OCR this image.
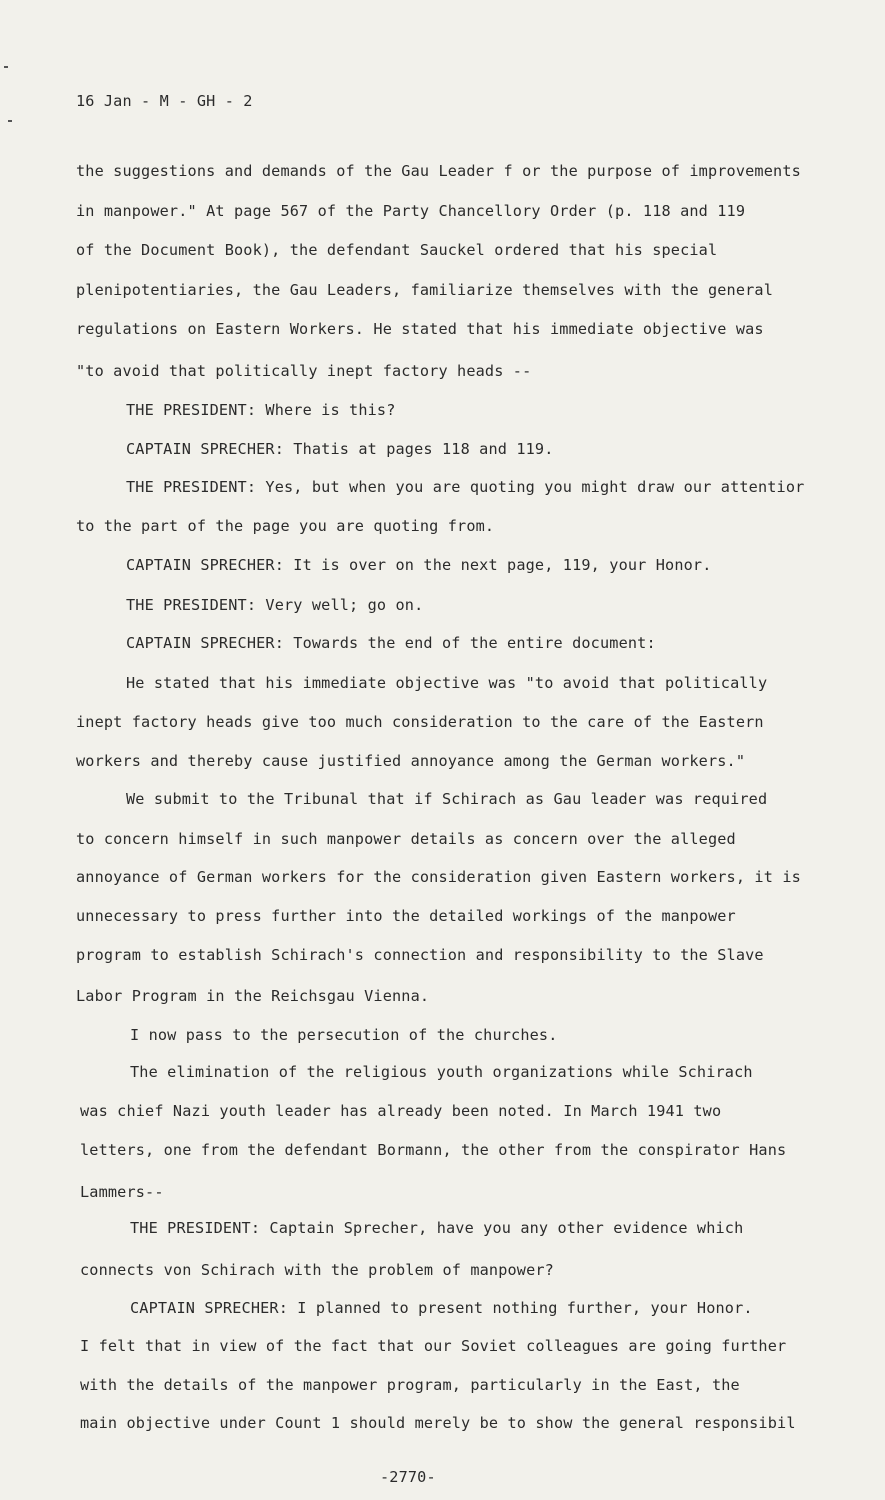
16 Jan - M - GH - 2
the suggestions and demands of the Gau Leader f or the purpose of improvements
in manpower." At page 567 of the Party Chancellory Order (p. 118 and 119
of the Document Book), the defendant Sauckel ordered that his special
plenipotentiaries, the Gau Leaders, familiarize themselves with the general
regulations on Eastern Workers. He stated that his immediate objective was
"to avoid that politically inept factory heads --
THE PRESIDENT: Where is this?
CAPTAIN SPRECHER: Thatis at pages 118 and 119.
THE PRESIDENT: Yes, but when you are quoting you might draw our attentior
to the part of the page you are quoting from.
CAPTAIN SPRECHER: It is over on the next page, 119, your Honor.
THE PRESIDENT: Very well; go on.
CAPTAIN SPRECHER: Towards the end of the entire document:
He stated that his immediate objective was "to avoid that politically
inept factory heads give too much consideration to the care of the Eastern
workers and thereby cause justified annoyance among the German workers."
We submit to the Tribunal that if Schirach as Gau leader was required
to concern himself in such manpower details as concern over the alleged
annoyance of German workers for the consideration given Eastern workers, it is
unnecessary to press further into the detailed workings of the manpower
program to establish Schirach's connection and responsibility to the Slave
Labor Program in the Reichsgau Vienna.
I now pass to the persecution of the churches.
The elimination of the religious youth organizations while Schirach
was chief Nazi youth leader has already been noted. In March 1941 two
letters, one from the defendant Bormann, the other from the conspirator Hans
Lammers--
THE PRESIDENT: Captain Sprecher, have you any other evidence which
connects von Schirach with the problem of manpower?
CAPTAIN SPRECHER: I planned to present nothing further, your Honor.
I felt that in view of the fact that our Soviet colleagues are going further
with the details of the manpower program, particularly in the East, the
main objective under Count 1 should merely be to show the general responsibil
-2770-
